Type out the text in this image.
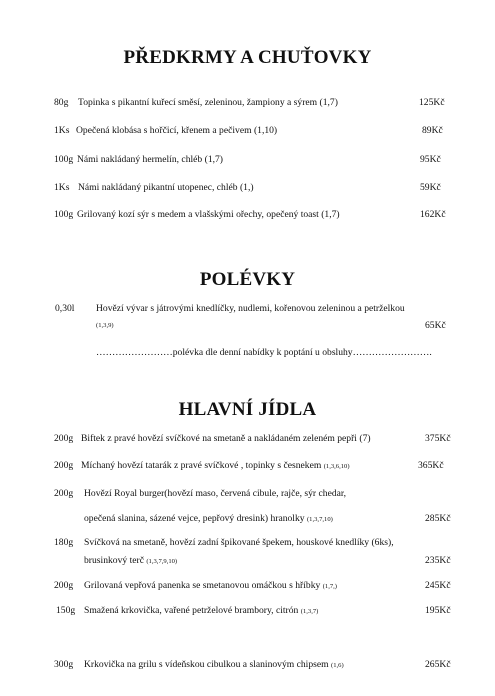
PŘEDKRMY A CHUŤOVKY
80g Topinka s pikantní kuřecí směsí, zeleninou, žampiony a sýrem (1,7)	125Kč
1Ks Opečená klobása s hořčicí, křenem a pečivem (1,10)	89Kč
100g Námi nakládaný hermelín, chléb (1,7)	95Kč
1Ks Námi nakládaný pikantní utopenec, chléb (1,)	59Kč
100g Grilovaný kozí sýr s medem a vlašskými ořechy, opečený toast (1,7)	162Kč
POLÉVKY
0,30l Hovězí vývar s játrovými knedlíčky, nudlemi, kořenovou zeleninou a petrželkou
(1,3,9)	65Kč
……………………polévka dle denní nabídky k poptání u obsluhy…………………….
HLAVNÍ JÍDLA
200g Biftek z pravé hovězí svíčkové na smetaně a nakládaném zeleném pepři (7)	375Kč
200g Míchaný hovězí tatarák z pravé svíčkové , topinky s česnekem (1,3,6,10)	365Kč
200g Hovězí Royal burger(hovězí maso, červená cibule, rajče, sýr chedar,
opečená slanina, sázené vejce, pepřový dresink) hranolky (1,3,7,10)	285Kč
180g Svíčková na smetaně, hovězí zadní špikované špekem, houskové knedlíky (6ks),
brusinkový terč (1,3,7,9,10)	235Kč
200g Grilovaná vepřová panenka se smetanovou omáčkou s hříbky (1,7,)	245Kč
150g Smažená krkovička, vařené petrželové brambory, citrón (1,3,7)	195Kč
300g Krkovička na grilu s vídeňskou cibulkou a slaninovým chipsem (1,6)	265Kč
